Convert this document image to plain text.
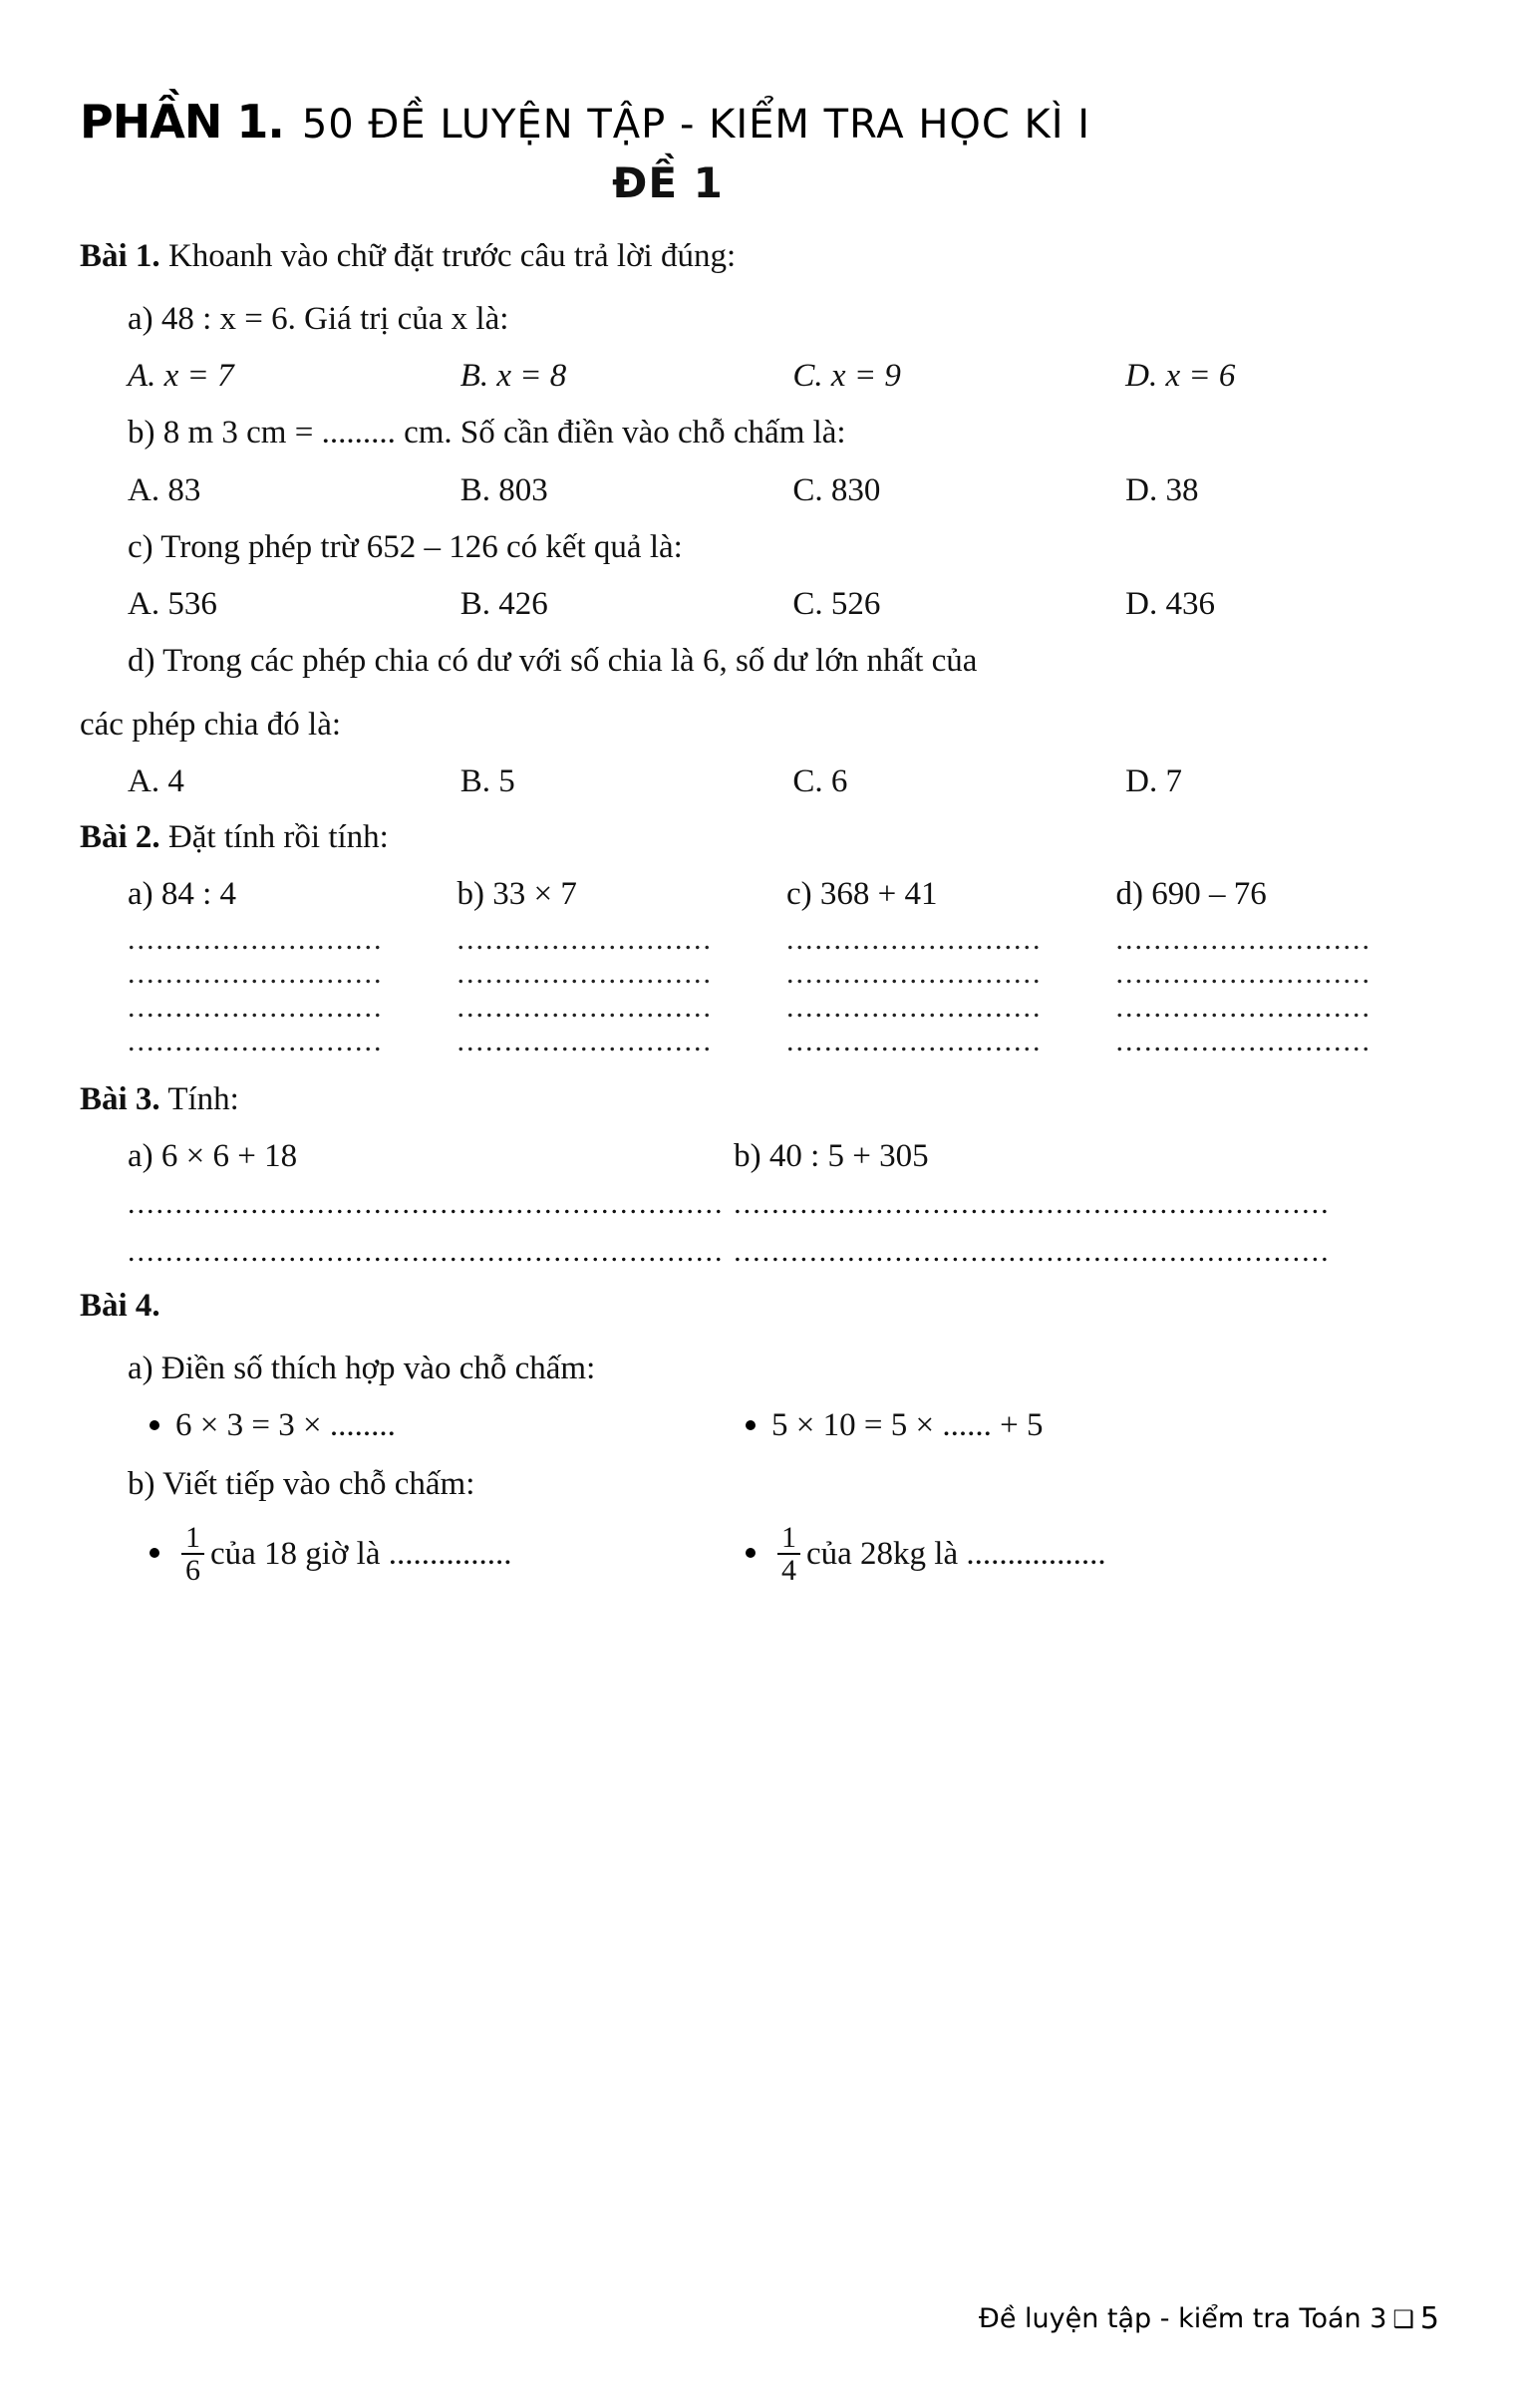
PHẦN 1. 50 ĐỀ LUYỆN TẬP - KIỂM TRA HỌC KÌ I
ĐỀ 1

Bài 1. Khoanh vào chữ đặt trước câu trả lời đúng:

a) 48 : x = 6. Giá trị của x là:

A. x = 7	B. x = 8	C. x = 9	D. x = 6

b) 8 m 3 cm = ......... cm. Số cần điền vào chỗ chấm là:

A. 83	B. 803	C. 830	D. 38

c) Trong phép trừ 652 – 126 có kết quả là:

A. 536	B. 426	C. 526	D. 436

d) Trong các phép chia có dư với số chia là 6, số dư lớn nhất của

các phép chia đó là:

A. 4	B. 5	C. 6	D. 7

Bài 2. Đặt tính rồi tính:

a) 84 : 4	b) 33 × 7	c) 368 + 41	d) 690 – 76
...........................
...........................
...........................
...........................
...........................
...........................
...........................
...........................
...........................
...........................
...........................
...........................
...........................
...........................
...........................
...........................

Bài 3. Tính:

a) 6 × 6 + 18	b) 40 : 5 + 305
............................................................... ...............................................................
............................................................... ...............................................................

Bài 4.

a) Điền số thích hợp vào chỗ chấm:

6 × 3 = 3 × ........	5 × 10 = 5 × ...... + 5

b) Viết tiếp vào chỗ chấm:

$\frac{1}{6}$ của 18 giờ là ...............	$\frac{1}{4}$ của 28kg là .................
Đề luyện tập - kiểm tra Toán 3 ❑ 5
